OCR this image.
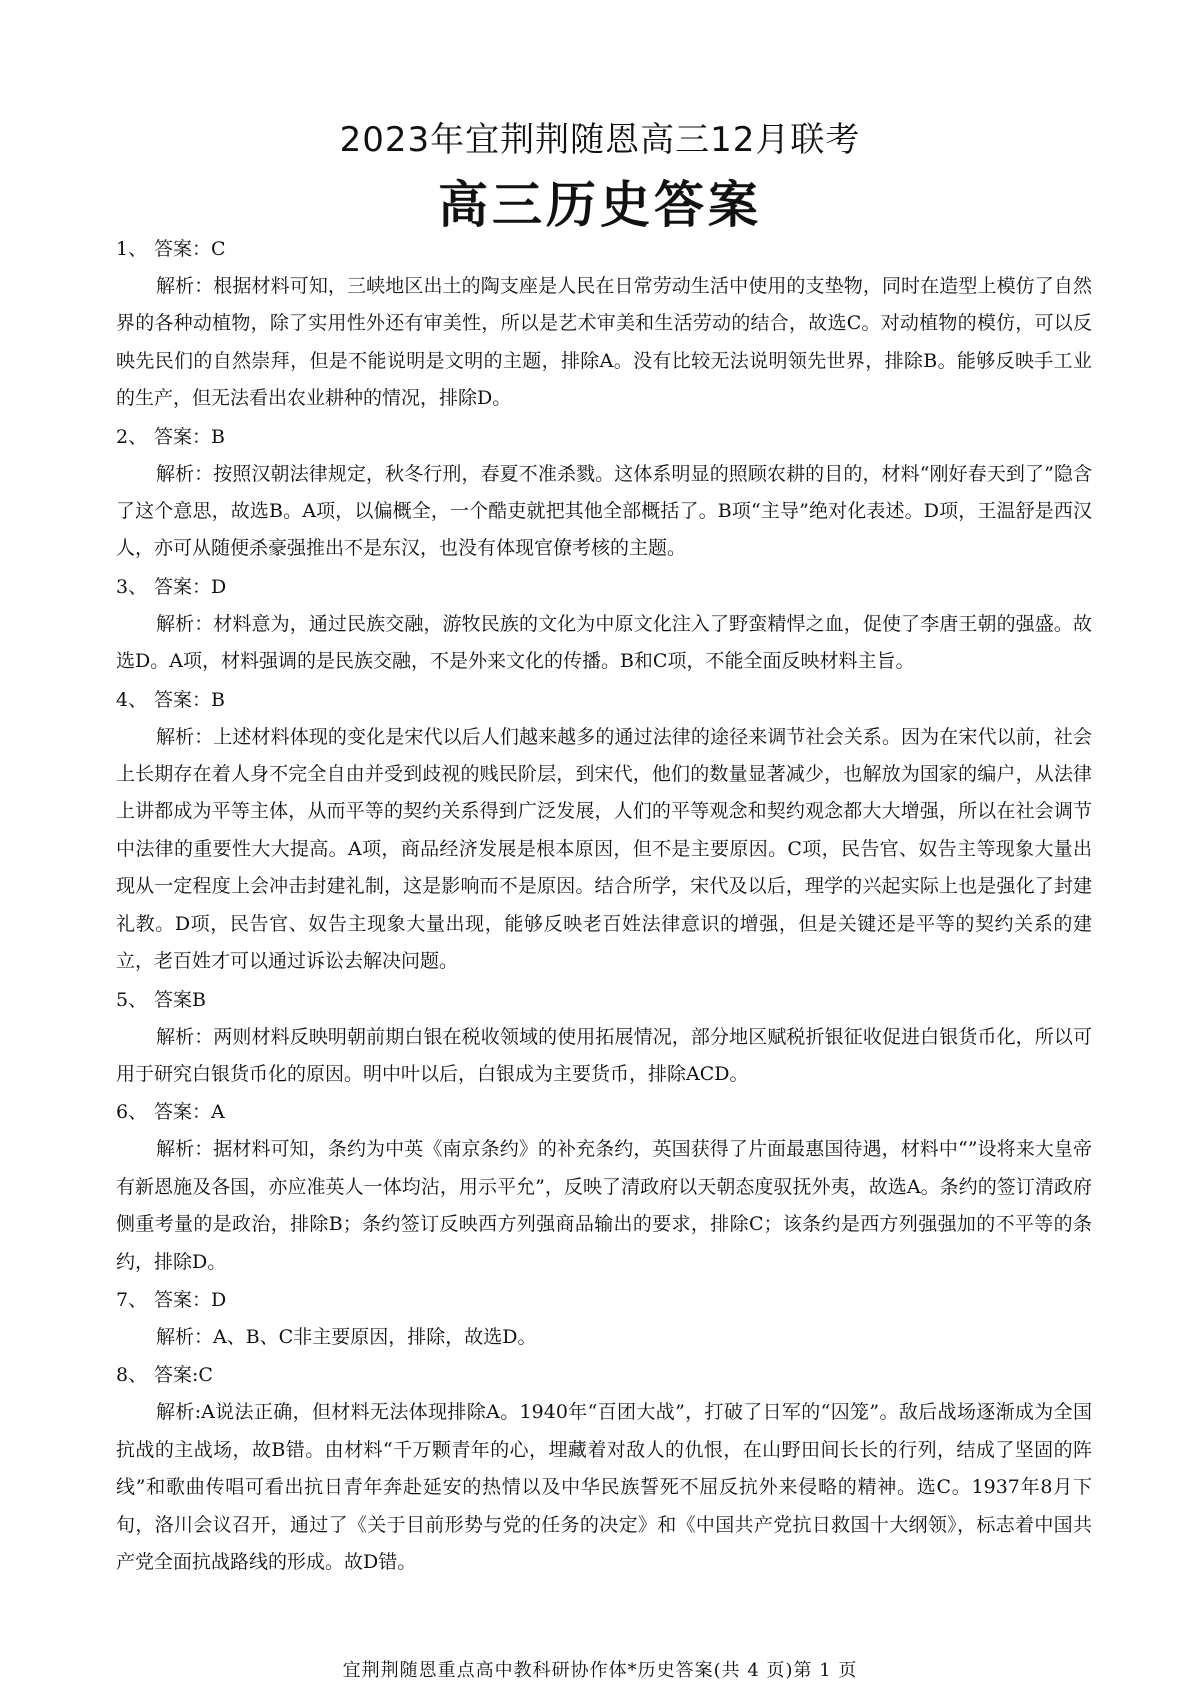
2023年宜荆荆随恩高三12月联考
高三历史答案
1、 答案：C

解析：根据材料可知，三峡地区出土的陶支座是人民在日常劳动生活中使用的支垫物，同时在造型上模仿了自然界的各种动植物，除了实用性外还有审美性，所以是艺术审美和生活劳动的结合，故选C。对动植物的模仿，可以反映先民们的自然崇拜，但是不能说明是文明的主题，排除A。没有比较无法说明领先世界，排除B。能够反映手工业的生产，但无法看出农业耕种的情况，排除D。

2、 答案：B

解析：按照汉朝法律规定，秋冬行刑，春夏不准杀戮。这体系明显的照顾农耕的目的，材料“刚好春天到了”隐含了这个意思，故选B。A项，以偏概全，一个酷吏就把其他全部概括了。B项“主导”绝对化表述。D项，王温舒是西汉人，亦可从随便杀豪强推出不是东汉，也没有体现官僚考核的主题。

3、 答案：D

解析：材料意为，通过民族交融，游牧民族的文化为中原文化注入了野蛮精悍之血，促使了李唐王朝的强盛。故选D。A项，材料强调的是民族交融，不是外来文化的传播。B和C项，不能全面反映材料主旨。

4、 答案：B

解析：上述材料体现的变化是宋代以后人们越来越多的通过法律的途径来调节社会关系。因为在宋代以前，社会上长期存在着人身不完全自由并受到歧视的贱民阶层，到宋代，他们的数量显著减少，也解放为国家的编户，从法律上讲都成为平等主体，从而平等的契约关系得到广泛发展，人们的平等观念和契约观念都大大增强，所以在社会调节中法律的重要性大大提高。A项，商品经济发展是根本原因，但不是主要原因。C项，民告官、奴告主等现象大量出现从一定程度上会冲击封建礼制，这是影响而不是原因。结合所学，宋代及以后，理学的兴起实际上也是强化了封建礼教。D项，民告官、奴告主现象大量出现，能够反映老百姓法律意识的增强，但是关键还是平等的契约关系的建立，老百姓才可以通过诉讼去解决问题。

5、 答案B

解析：两则材料反映明朝前期白银在税收领域的使用拓展情况，部分地区赋税折银征收促进白银货币化，所以可用于研究白银货币化的原因。明中叶以后，白银成为主要货币，排除ACD。

6、 答案：A

解析：据材料可知，条约为中英《南京条约》的补充条约，英国获得了片面最惠国待遇，材料中“”设将来大皇帝有新恩施及各国，亦应准英人一体均沾，用示平允”，反映了清政府以天朝态度驭抚外夷，故选A。条约的签订清政府侧重考量的是政治，排除B；条约签订反映西方列强商品输出的要求，排除C；该条约是西方列强强加的不平等的条约，排除D。

7、 答案：D

解析：A、B、C非主要原因，排除，故选D。

8、 答案:C

解析:A说法正确，但材料无法体现排除A。1940年“百团大战”，打破了日军的“囚笼”。敌后战场逐渐成为全国抗战的主战场，故B错。由材料“千万颗青年的心，埋藏着对敌人的仇恨，在山野田间长长的行列，结成了坚固的阵线”和歌曲传唱可看出抗日青年奔赴延安的热情以及中华民族誓死不屈反抗外来侵略的精神。选C。1937年8月下旬，洛川会议召开，通过了《关于目前形势与党的任务的决定》和《中国共产党抗日救国十大纲领》，标志着中国共产党全面抗战路线的形成。故D错。

宜荆荆随恩重点高中教科研协作体*历史答案(共 4 页)第 1 页
